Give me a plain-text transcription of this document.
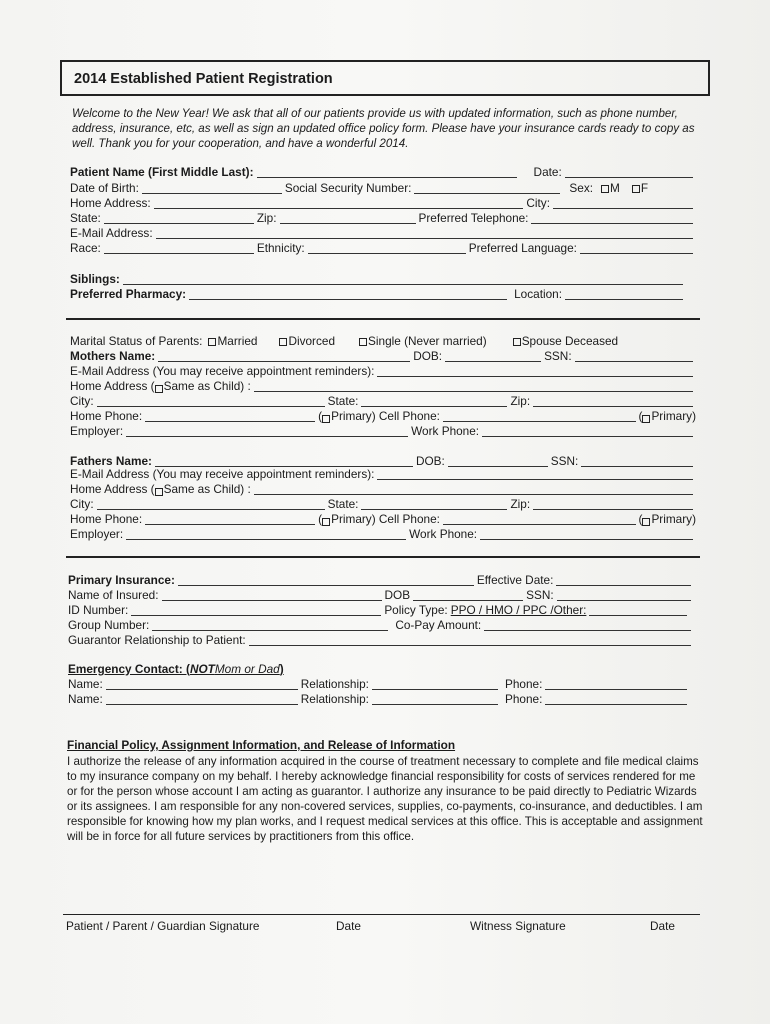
2014 Established Patient Registration
Welcome to the New Year! We ask that all of our patients provide us with updated information, such as phone number, address, insurance, etc, as well as sign an updated office policy form. Please have your insurance cards ready to copy as well. Thank you for your cooperation, and have a wonderful 2014.
Patient Name (First Middle Last):	Date:
Date of Birth:	Social Security Number:	Sex:	M	F
Home Address:	City:
State:	Zip:	Preferred Telephone:
E-Mail Address:
Race:	Ethnicity:	Preferred Language:
Siblings:
Preferred Pharmacy:	Location:
Marital Status of Parents:	Married	Divorced	Single (Never married)	Spouse Deceased
Mothers Name:	DOB:	SSN:
E-Mail Address (You may receive appointment reminders):
Home Address ( Same as Child) :
City:	State:	Zip:
Home Phone:	( Primary) Cell Phone:	( Primary)
Employer:	Work Phone:
Fathers Name:	DOB:	SSN:
E-Mail Address (You may receive appointment reminders):
Home Address ( Same as Child) :
City:	State:	Zip:
Home Phone:	( Primary) Cell Phone:	( Primary)
Employer:	Work Phone:
Primary Insurance:	Effective Date:
Name of Insured:	DOB	SSN:
ID Number:	Policy Type: PPO / HMO / PPC /Other:
Group Number:	Co-Pay Amount:
Guarantor Relationship to Patient:
Emergency Contact: ( NOT Mom or Dad )
Name:	Relationship:	Phone:
Name:	Relationship:	Phone:
Financial Policy, Assignment Information, and Release of Information
I authorize the release of any information acquired in the course of treatment necessary to complete and file medical claims to my insurance company on my behalf. I hereby acknowledge financial responsibility for costs of services rendered for me or for the person whose account I am acting as guarantor. I authorize any insurance to be paid directly to Pediatric Wizards or its assignees. I am responsible for any non-covered services, supplies, co-payments, co-insurance, and deductibles. I am responsible for knowing how my plan works, and I request medical services at this office. This is acceptable and assignment will be in force for all future services by practitioners from this office.
Patient / Parent / Guardian Signature	Date	Witness Signature	Date
